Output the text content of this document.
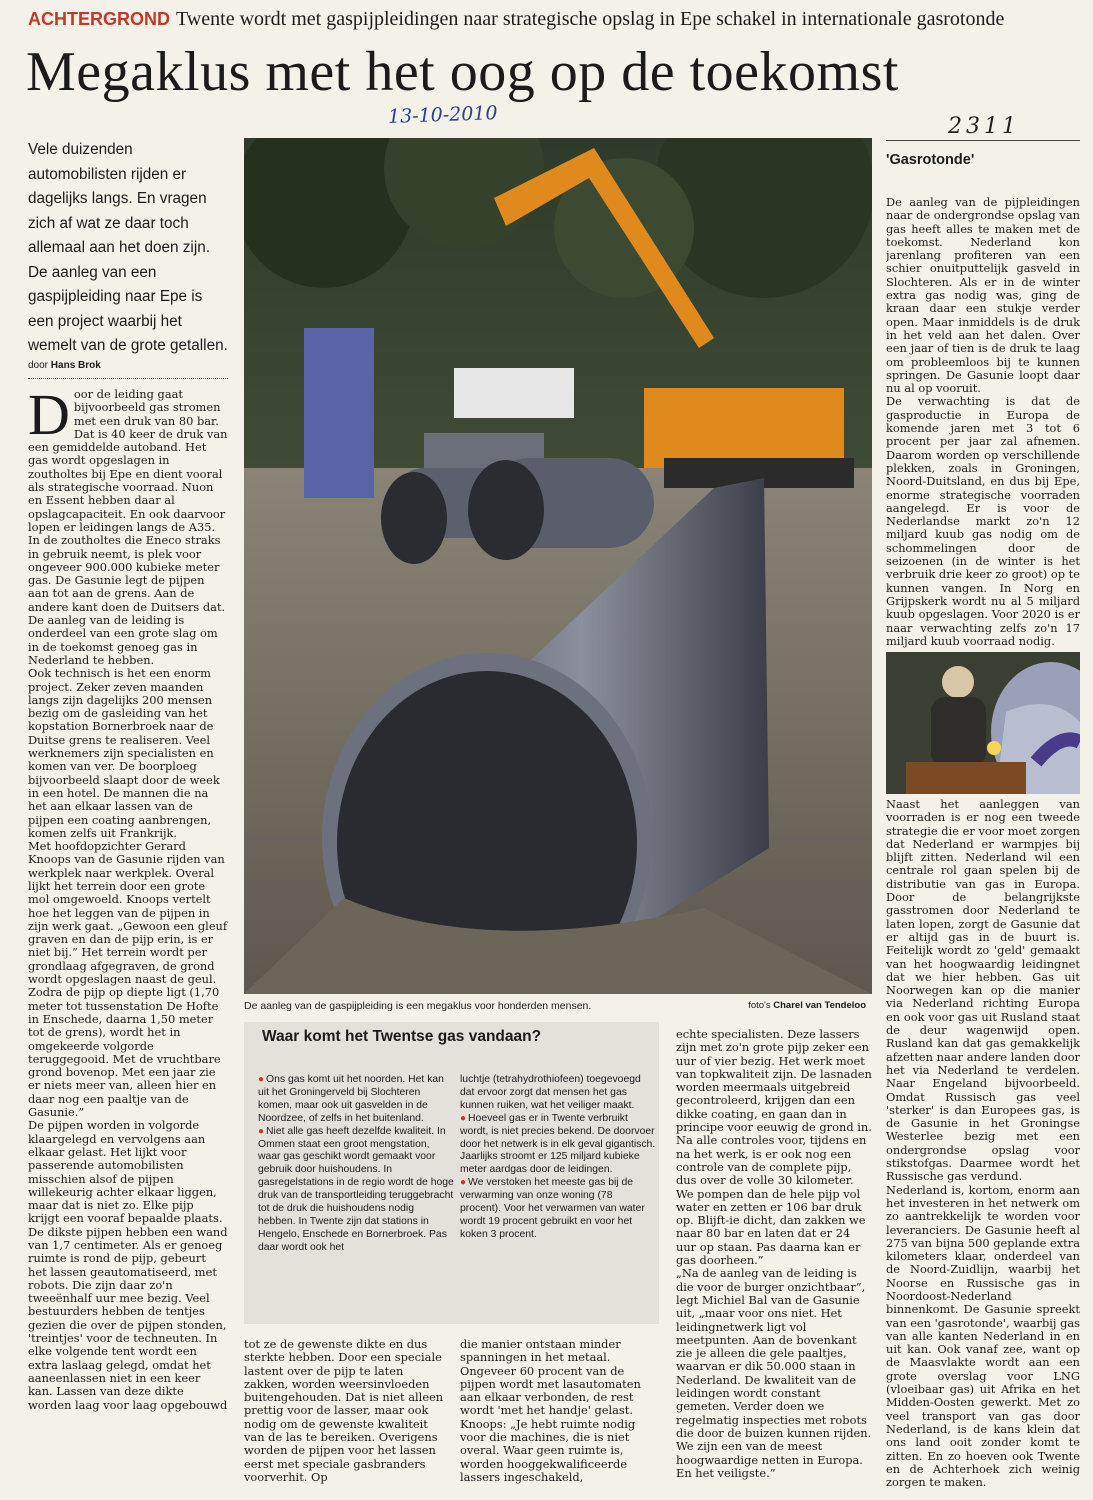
ACHTERGROND Twente wordt met gaspijpleidingen naar strategische opslag in Epe schakel in internationale gasrotonde
Megaklus met het oog op de toekomst
13-10-2010	2311
Vele duizenden automobilisten rijden er dagelijks langs. En vragen zich af wat ze daar toch allemaal aan het doen zijn. De aanleg van een gaspijpleiding naar Epe is een project waarbij het wemelt van de grote getallen.
door Hans Brok
D oor de leiding gaat bijvoorbeeld gas stromen met een druk van 80 bar. Dat is 40 keer de druk van een gemiddelde autoband. Het gas wordt opgeslagen in zoutholtes bij Epe en dient vooral als strategische voorraad. Nuon en Essent hebben daar al opslagcapaciteit. En ook daarvoor lopen er leidingen langs de A35.

In de zoutholtes die Eneco straks in gebruik neemt, is plek voor ongeveer 900.000 kubieke meter gas. De Gasunie legt de pijpen aan tot aan de grens. Aan de andere kant doen de Duitsers dat. De aanleg van de leiding is onderdeel van een grote slag om in de toekomst genoeg gas in Nederland te hebben.

Ook technisch is het een enorm project. Zeker zeven maanden langs zijn dagelijks 200 mensen bezig om de gasleiding van het kopstation Bornerbroek naar de Duitse grens te realiseren. Veel werknemers zijn specialisten en komen van ver. De boorploeg bijvoorbeeld slaapt door de week in een hotel. De mannen die na het aan elkaar lassen van de pijpen een coating aanbrengen, komen zelfs uit Frankrijk.

Met hoofdopzichter Gerard Knoops van de Gasunie rijden van werkplek naar werkplek. Overal lijkt het terrein door een grote mol omgewoeld. Knoops vertelt hoe het leggen van de pijpen in zijn werk gaat. „Gewoon een gleuf graven en dan de pijp erin, is er niet bij.” Het terrein wordt per grondlaag afgegraven, de grond wordt opgeslagen naast de geul. Zodra de pijp op diepte ligt (1,70 meter tot tussenstation De Hofte in Enschede, daarna 1,50 meter tot de grens), wordt het in omgekeerde volgorde teruggegooid. Met de vruchtbare grond bovenop. Met een jaar zie er niets meer van, alleen hier en daar nog een paaltje van de Gasunie.”

De pijpen worden in volgorde klaargelegd en vervolgens aan elkaar gelast. Het lijkt voor passerende automobilisten misschien alsof de pijpen willekeurig achter elkaar liggen, maar dat is niet zo. Elke pijp krijgt een vooraf bepaalde plaats. De dikste pijpen hebben een wand van 1,7 centimeter. Als er genoeg ruimte is rond de pijp, gebeurt het lassen geautomatiseerd, met robots. Die zijn daar zo'n tweeënhalf uur mee bezig. Veel bestuurders hebben de tentjes gezien die over de pijpen stonden, 'treintjes' voor de techneuten. In elke volgende tent wordt een extra laslaag gelegd, omdat het aaneenlassen niet in een keer kan. Lassen van deze dikte worden laag voor laag opgebouwd

De aanleg van de gaspijpleiding is een megaklus voor honderden mensen.	foto's Charel van Tendeloo
Waar komt het Twentse gas vandaan?

● Ons gas komt uit het noorden. Het kan uit het Groningerveld bij Slochteren komen, maar ook uit gasvelden in de Noordzee, of zelfs in het buitenland.

● Niet alle gas heeft dezelfde kwaliteit. In Ommen staat een groot mengstation, waar gas geschikt wordt gemaakt voor gebruik door huishoudens. In gasregelstations in de regio wordt de hoge druk van de transportleiding teruggebracht tot de druk die huishoudens nodig hebben. In Twente zijn dat stations in Hengelo, Enschede en Bornerbroek. Pas daar wordt ook het

luchtje (tetrahydrothiofeen) toegevoegd dat ervoor zorgt dat mensen het gas kunnen ruiken, wat het veiliger maakt.

● Hoeveel gas er in Twente verbruikt wordt, is niet precies bekend. De doorvoer door het netwerk is in elk geval gigantisch. Jaarlijks stroomt er 125 miljard kubieke meter aardgas door de leidingen.

● We verstoken het meeste gas bij de verwarming van onze woning (78 procent). Voor het verwarmen van water wordt 19 procent gebruikt en voor het koken 3 procent.

echte specialisten. Deze lassers zijn met zo'n grote pijp zeker een uur of vier bezig. Het werk moet van topkwaliteit zijn. De lasnaden worden meermaals uitgebreid gecontroleerd, krijgen dan een dikke coating, en gaan dan in principe voor eeuwig de grond in. Na alle controles voor, tijdens en na het werk, is er ook nog een controle van de complete pijp, dus over de volle 30 kilometer. We pompen dan de hele pijp vol water en zetten er 106 bar druk op. Blijft-ie dicht, dan zakken we naar 80 bar en laten dat er 24 uur op staan. Pas daarna kan er gas doorheen.”

„Na de aanleg van de leiding is die voor de burger onzichtbaar”, legt Michiel Bal van de Gasunie uit, „maar voor ons niet. Het leidingnetwerk ligt vol meetpunten. Aan de bovenkant zie je alleen die gele paaltjes, waarvan er dik 50.000 staan in Nederland. De kwaliteit van de leidingen wordt constant gemeten. Verder doen we regelmatig inspecties met robots die door de buizen kunnen rijden. We zijn een van de meest hoogwaardige netten in Europa. En het veiligste.”

tot ze de gewenste dikte en dus sterkte hebben. Door een speciale lastent over de pijp te laten zakken, worden weersinvloeden buitengehouden. Dat is niet alleen prettig voor de lasser, maar ook nodig om de gewenste kwaliteit van de las te bereiken. Overigens worden de pijpen voor het lassen eerst met speciale gasbranders voorverhit. Op

die manier ontstaan minder spanningen in het metaal. Ongeveer 60 procent van de pijpen wordt met lasautomaten aan elkaar verbonden, de rest wordt 'met het handje' gelast. Knoops: „Je hebt ruimte nodig voor die machines, die is niet overal. Waar geen ruimte is, worden hooggekwalificeerde lassers ingeschakeld,

'Gasrotonde'

De aanleg van de pijpleidingen naar de ondergrondse opslag van gas heeft alles te maken met de toekomst. Nederland kon jarenlang profiteren van een schier onuitputtelijk gasveld in Slochteren. Als er in de winter extra gas nodig was, ging de kraan daar een stukje verder open. Maar inmiddels is de druk in het veld aan het dalen. Over een jaar of tien is de druk te laag om probleemloos bij te kunnen springen. De Gasunie loopt daar nu al op vooruit.

De verwachting is dat de gasproductie in Europa de komende jaren met 3 tot 6 procent per jaar zal afnemen. Daarom worden op verschillende plekken, zoals in Groningen, Noord-Duitsland, en dus bij Epe, enorme strategische voorraden aangelegd. Er is voor de Nederlandse markt zo'n 12 miljard kuub gas nodig om de schommelingen door de seizoenen (in de winter is het verbruik drie keer zo groot) op te kunnen vangen. In Norg en Grijpskerk wordt nu al 5 miljard kuub opgeslagen. Voor 2020 is er naar verwachting zelfs zo'n 17 miljard kuub voorraad nodig.

Naast het aanleggen van voorraden is er nog een tweede strategie die er voor moet zorgen dat Nederland er warmpjes bij blijft zitten. Nederland wil een centrale rol gaan spelen bij de distributie van gas in Europa. Door de belangrijkste gasstromen door Nederland te laten lopen, zorgt de Gasunie dat er altijd gas in de buurt is. Feitelijk wordt zo 'geld' gemaakt van het hoogwaardig leidingnet dat we hier hebben. Gas uit Noorwegen kan op die manier via Nederland richting Europa en ook voor gas uit Rusland staat de deur wagenwijd open. Rusland kan dat gas gemakkelijk afzetten naar andere landen door het via Nederland te verdelen. Naar Engeland bijvoorbeeld. Omdat Russisch gas veel 'sterker' is dan Europees gas, is de Gasunie in het Groningse Westerlee bezig met een ondergrondse opslag voor stikstofgas. Daarmee wordt het Russische gas verdund.

Nederland is, kortom, enorm aan het investeren in het netwerk om zo aantrekkelijk te worden voor leveranciers. De Gasunie heeft al 275 van bijna 500 geplande extra kilometers klaar, onderdeel van de Noord-Zuidlijn, waarbij het Noorse en Russische gas in Noordoost-Nederland binnenkomt. De Gasunie spreekt van een 'gasrotonde', waarbij gas van alle kanten Nederland in en uit kan. Ook vanaf zee, want op de Maasvlakte wordt aan een grote overslag voor LNG (vloeibaar gas) uit Afrika en het Midden-Oosten gewerkt. Met zo veel transport van gas door Nederland, is de kans klein dat ons land ooit zonder komt te zitten. En zo hoeven ook Twente en de Achterhoek zich weinig zorgen te maken.
